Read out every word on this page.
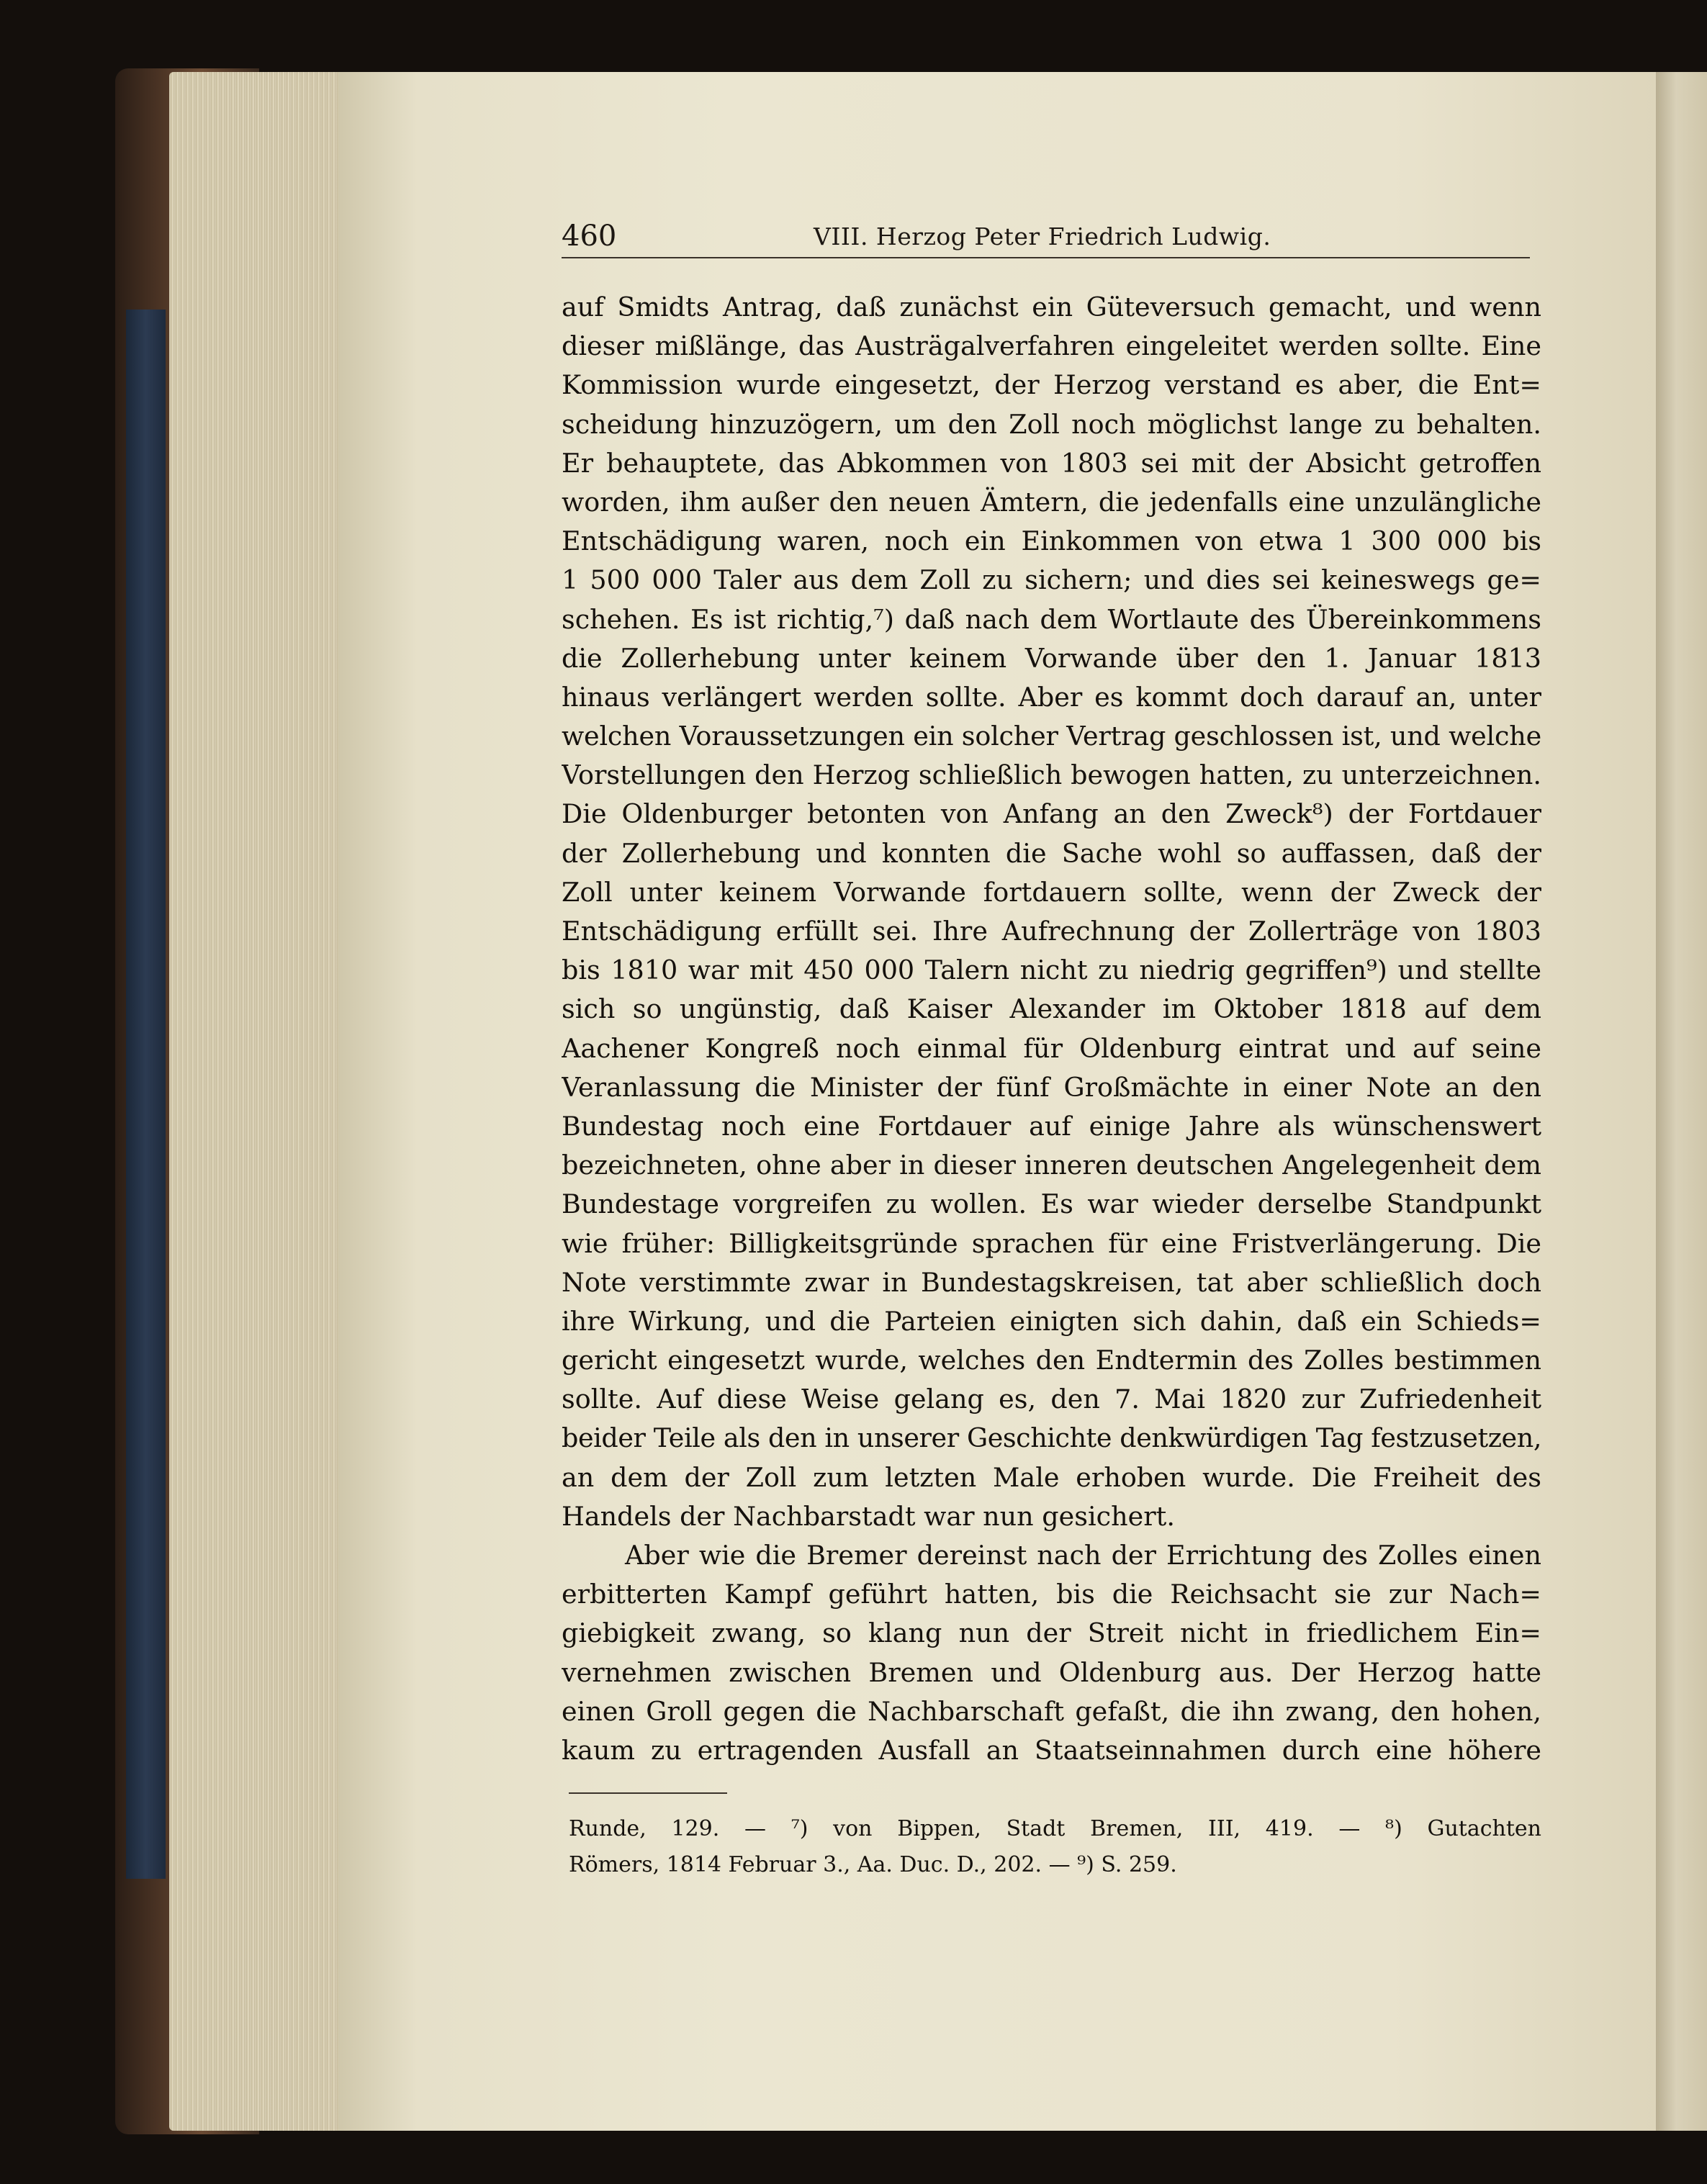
460	VIII. Herzog Peter Friedrich Ludwig.
auf Smidts Antrag, daß zunächst ein Güteversuch gemacht, und wenn
dieser mißlänge, das Austrägalverfahren eingeleitet werden sollte. Eine
Kommission wurde eingesetzt, der Herzog verstand es aber, die Ent=
scheidung hinzuzögern, um den Zoll noch möglichst lange zu behalten.
Er behauptete, das Abkommen von 1803 sei mit der Absicht getroffen
worden, ihm außer den neuen Ämtern, die jedenfalls eine unzulängliche
Entschädigung waren, noch ein Einkommen von etwa 1 300 000 bis
1 500 000 Taler aus dem Zoll zu sichern; und dies sei keineswegs ge=
schehen. Es ist richtig,⁷) daß nach dem Wortlaute des Übereinkommens
die Zollerhebung unter keinem Vorwande über den 1. Januar 1813
hinaus verlängert werden sollte. Aber es kommt doch darauf an, unter
welchen Voraussetzungen ein solcher Vertrag geschlossen ist, und welche
Vorstellungen den Herzog schließlich bewogen hatten, zu unterzeichnen.
Die Oldenburger betonten von Anfang an den Zweck⁸) der Fortdauer
der Zollerhebung und konnten die Sache wohl so auffassen, daß der
Zoll unter keinem Vorwande fortdauern sollte, wenn der Zweck der
Entschädigung erfüllt sei. Ihre Aufrechnung der Zollerträge von 1803
bis 1810 war mit 450 000 Talern nicht zu niedrig gegriffen⁹) und stellte
sich so ungünstig, daß Kaiser Alexander im Oktober 1818 auf dem
Aachener Kongreß noch einmal für Oldenburg eintrat und auf seine
Veranlassung die Minister der fünf Großmächte in einer Note an den
Bundestag noch eine Fortdauer auf einige Jahre als wünschenswert
bezeichneten, ohne aber in dieser inneren deutschen Angelegenheit dem
Bundestage vorgreifen zu wollen. Es war wieder derselbe Standpunkt
wie früher: Billigkeitsgründe sprachen für eine Fristverlängerung. Die
Note verstimmte zwar in Bundestagskreisen, tat aber schließlich doch
ihre Wirkung, und die Parteien einigten sich dahin, daß ein Schieds=
gericht eingesetzt wurde, welches den Endtermin des Zolles bestimmen
sollte. Auf diese Weise gelang es, den 7. Mai 1820 zur Zufriedenheit
beider Teile als den in unserer Geschichte denkwürdigen Tag festzusetzen,
an dem der Zoll zum letzten Male erhoben wurde. Die Freiheit des
Handels der Nachbarstadt war nun gesichert.
Aber wie die Bremer dereinst nach der Errichtung des Zolles einen
erbitterten Kampf geführt hatten, bis die Reichsacht sie zur Nach=
giebigkeit zwang, so klang nun der Streit nicht in friedlichem Ein=
vernehmen zwischen Bremen und Oldenburg aus. Der Herzog hatte
einen Groll gegen die Nachbarschaft gefaßt, die ihn zwang, den hohen,
kaum zu ertragenden Ausfall an Staatseinnahmen durch eine höhere
Runde, 129. — ⁷) von Bippen, Stadt Bremen, III, 419. — ⁸) Gutachten
Römers, 1814 Februar 3., Aa. Duc. D., 202. — ⁹) S. 259.
